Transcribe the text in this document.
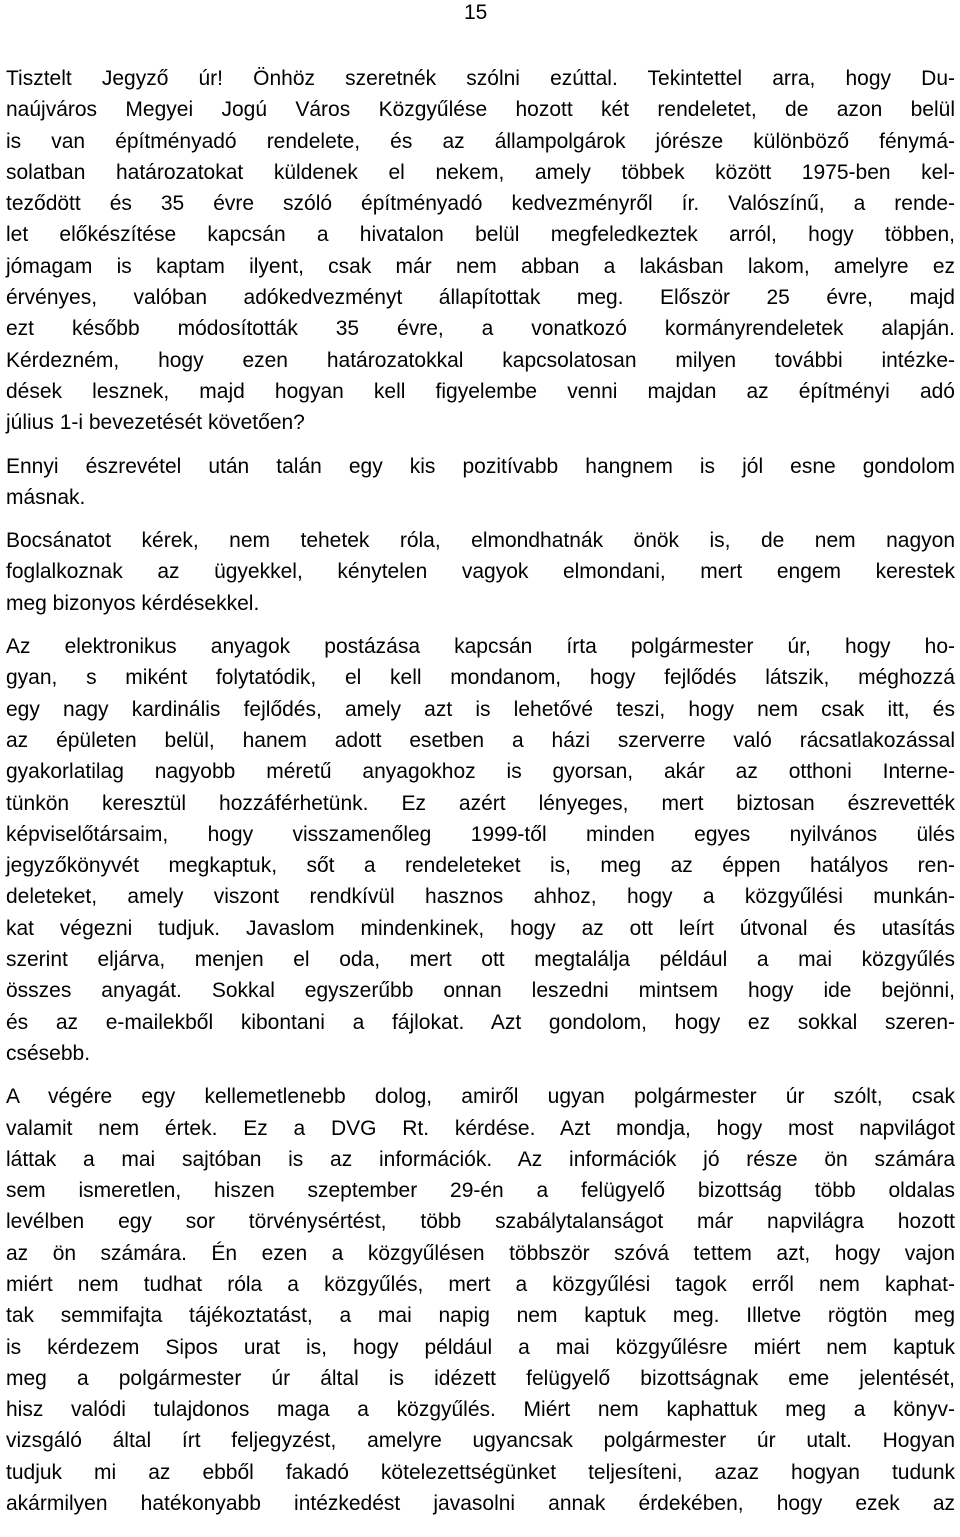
15

Tisztelt Jegyző úr! Önhöz szeretnék szólni ezúttal. Tekintettel arra, hogy Du-
naújváros Megyei Jogú Város Közgyűlése hozott két rendeletet, de azon belül
is van építményadó rendelete, és az állampolgárok jórésze különböző fénymá-
solatban határozatokat küldenek el nekem, amely többek között 1975-ben kel-
teződött és 35 évre szóló építményadó kedvezményről ír. Valószínű, a rende-
let előkészítése kapcsán a hivatalon belül megfeledkeztek arról, hogy többen,
jómagam is kaptam ilyent, csak már nem abban a lakásban lakom, amelyre ez
érvényes, valóban adókedvezményt állapítottak meg. Először 25 évre, majd
ezt később módosították 35 évre, a vonatkozó kormányrendeletek alapján.
Kérdezném, hogy ezen határozatokkal kapcsolatosan milyen további intézke-
dések lesznek, majd hogyan kell figyelembe venni majdan az építményi adó
július 1-i bevezetését követően?

Ennyi észrevétel után talán egy kis pozitívabb hangnem is jól esne gondolom
másnak.

Bocsánatot kérek, nem tehetek róla, elmondhatnák önök is, de nem nagyon
foglalkoznak az ügyekkel, kénytelen vagyok elmondani, mert engem kerestek
meg bizonyos kérdésekkel.

Az elektronikus anyagok postázása kapcsán írta polgármester úr, hogy ho-
gyan, s miként folytatódik, el kell mondanom, hogy fejlődés látszik, méghozzá
egy nagy kardinális fejlődés, amely azt is lehetővé teszi, hogy nem csak itt, és
az épületen belül, hanem adott esetben a házi szerverre való rácsatlakozással
gyakorlatilag nagyobb méretű anyagokhoz is gyorsan, akár az otthoni Interne-
tünkön keresztül hozzáférhetünk. Ez azért lényeges, mert biztosan észrevették
képviselőtársaim, hogy visszamenőleg 1999-től minden egyes nyilvános ülés
jegyzőkönyvét megkaptuk, sőt a rendeleteket is, meg az éppen hatályos ren-
deleteket, amely viszont rendkívül hasznos ahhoz, hogy a közgyűlési munkán-
kat végezni tudjuk. Javaslom mindenkinek, hogy az ott leírt útvonal és utasítás
szerint eljárva, menjen el oda, mert ott megtalálja például a mai közgyűlés
összes anyagát. Sokkal egyszerűbb onnan leszedni mintsem hogy ide bejönni,
és az e-mailekből kibontani a fájlokat. Azt gondolom, hogy ez sokkal szeren-
csésebb.

A végére egy kellemetlenebb dolog, amiről ugyan polgármester úr szólt, csak
valamit nem értek. Ez a DVG Rt. kérdése. Azt mondja, hogy most napvilágot
láttak a mai sajtóban is az információk. Az információk jó része ön számára
sem ismeretlen, hiszen szeptember 29-én a felügyelő bizottság több oldalas
levélben egy sor törvénysértést, több szabálytalanságot már napvilágra hozott
az ön számára. Én ezen a közgyűlésen többször szóvá tettem azt, hogy vajon
miért nem tudhat róla a közgyűlés, mert a közgyűlési tagok erről nem kaphat-
tak semmifajta tájékoztatást, a mai napig nem kaptuk meg. Illetve rögtön meg
is kérdezem Sipos urat is, hogy például a mai közgyűlésre miért nem kaptuk
meg a polgármester úr által is idézett felügyelő bizottságnak eme jelentését,
hisz valódi tulajdonos maga a közgyűlés. Miért nem kaphattuk meg a könyv-
vizsgáló által írt feljegyzést, amelyre ugyancsak polgármester úr utalt. Hogyan
tudjuk mi az ebből fakadó kötelezettségünket teljesíteni, azaz hogyan tudunk
akármilyen hatékonyabb intézkedést javasolni annak érdekében, hogy ezek az
